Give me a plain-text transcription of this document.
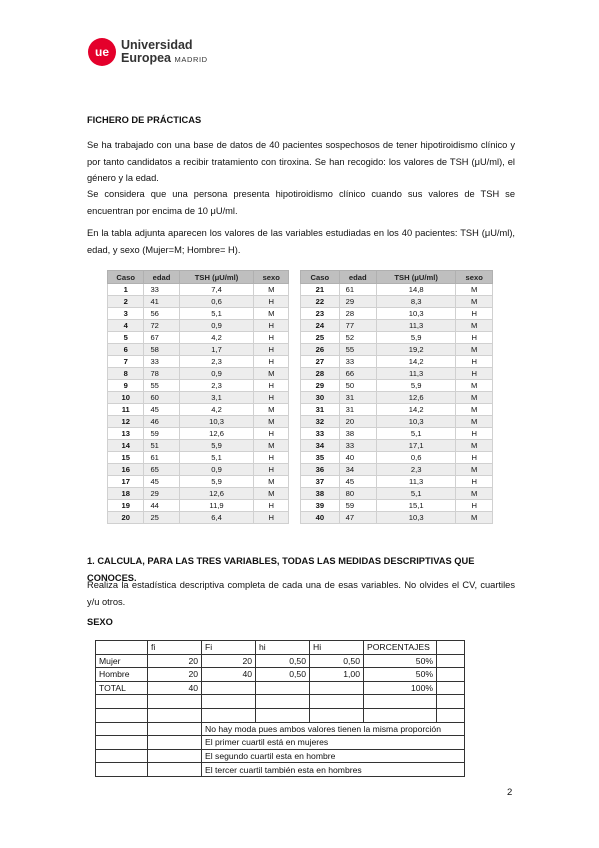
ue Universidad
Europea MADRID
FICHERO DE PRÁCTICAS
Se ha trabajado con una base de datos de 40 pacientes sospechosos de tener hipotiroidismo clínico y por tanto candidatos a recibir tratamiento con tiroxina. Se han recogido: los valores de TSH (μU/ml), el género y la edad.
Se considera que una persona presenta hipotiroidismo clínico cuando sus valores de TSH se encuentran por encima de 10 μU/ml.
En la tabla adjunta aparecen los valores de las variables estudiadas en los 40 pacientes: TSH (μU/ml), edad, y sexo (Mujer=M; Hombre= H).
Caso	edad	TSH (μU/ml)	sexo
1	33	7,4	M
2	41	0,6	H
3	56	5,1	M
4	72	0,9	H
5	67	4,2	H
6	58	1,7	H
7	33	2,3	H
8	78	0,9	M
9	55	2,3	H
10	60	3,1	H
11	45	4,2	M
12	46	10,3	M
13	59	12,6	H
14	51	5,9	M
15	61	5,1	H
16	65	0,9	H
17	45	5,9	M
18	29	12,6	M
19	44	11,9	H
20	25	6,4	H
Caso	edad	TSH (μU/ml)	sexo
21	61	14,8	M
22	29	8,3	M
23	28	10,3	H
24	77	11,3	M
25	52	5,9	H
26	55	19,2	M
27	33	14,2	H
28	66	11,3	H
29	50	5,9	M
30	31	12,6	M
31	31	14,2	M
32	20	10,3	M
33	38	5,1	H
34	33	17,1	M
35	40	0,6	H
36	34	2,3	M
37	45	11,3	H
38	80	5,1	M
39	59	15,1	H
40	47	10,3	M
1. CALCULA, PARA LAS TRES VARIABLES, TODAS LAS MEDIDAS DESCRIPTIVAS QUE CONOCES.
Realiza la estadística descriptiva completa de cada una de esas variables. No olvides el CV, cuartiles y/u otros.
SEXO
	fi	Fi	hi	Hi	PORCENTAJES	
Mujer	20	20	0,50	0,50	50%	
Hombre	20	40	0,50	1,00	50%	
TOTAL	40				100%	

		No hay moda pues ambos valores tienen la misma proporción				
		El primer cuartil está en mujeres				
		El segundo cuartil esta en hombre				
		El tercer cuartil también esta en hombres				
2
